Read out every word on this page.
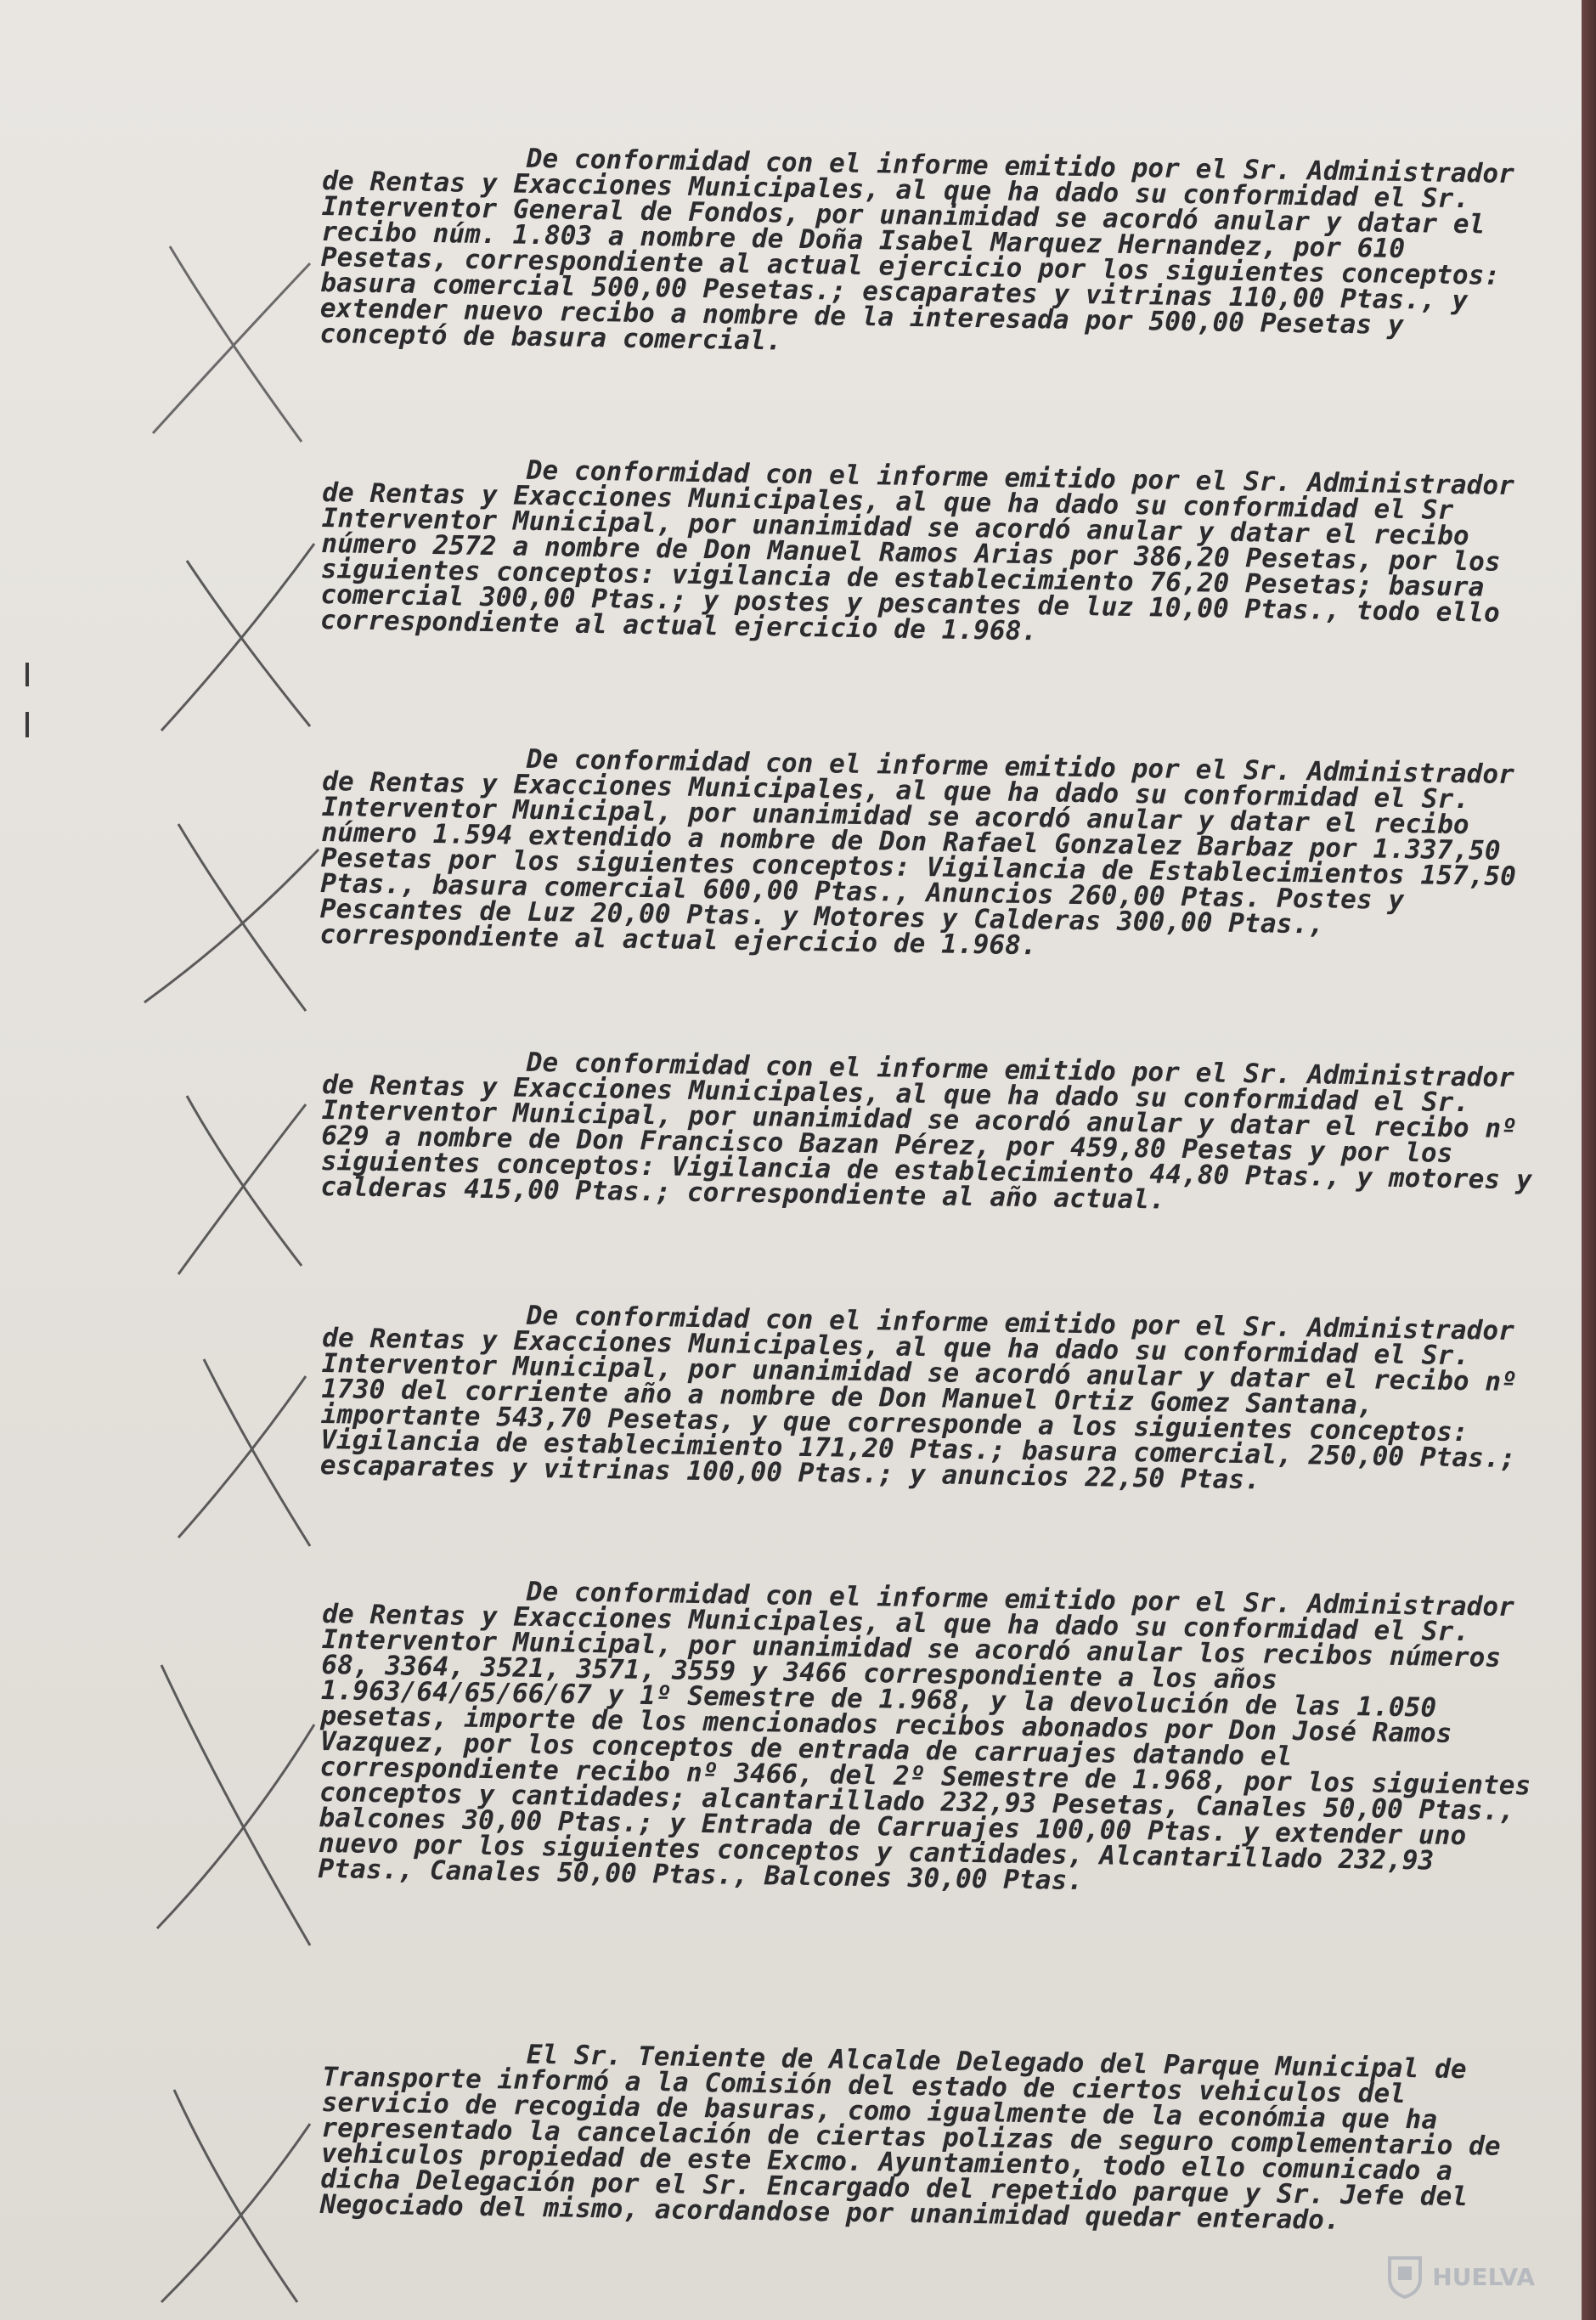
De conformidad con el informe emitido por el Sr. Administrador de Rentas y Exacciones Municipales, al que ha dado su conformidad el Sr. Interventor General de Fondos, por unanimidad se acordó anular y datar el recibo núm. 1.803 a nombre de Doña Isabel Marquez Hernandez, por 610 Pesetas, correspondiente al actual ejercicio por los siguientes conceptos: basura comercial 500,00 Pesetas.; escaparates y vitrinas 110,00 Ptas., y extender nuevo recibo a nombre de la interesada por 500,00 Pesetas y conceptó de basura comercial.

De conformidad con el informe emitido por el Sr. Administrador de Rentas y Exacciones Municipales, al que ha dado su conformidad el Sr Interventor Municipal, por unanimidad se acordó anular y datar el recibo número 2572 a nombre de Don Manuel Ramos Arias por 386,20 Pesetas, por los siguientes conceptos: vigilancia de establecimiento 76,20 Pesetas; basura comercial 300,00 Ptas.; y postes y pescantes de luz 10,00 Ptas., todo ello correspondiente al actual ejercicio de 1.968.

De conformidad con el informe emitido por el Sr. Administrador de Rentas y Exacciones Municipales, al que ha dado su conformidad el Sr. Interventor Municipal, por unanimidad se acordó anular y datar el recibo número 1.594 extendido a nombre de Don Rafael Gonzalez Barbaz por 1.337,50 Pesetas por los siguientes conceptos: Vigilancia de Establecimientos 157,50 Ptas., basura comercial 600,00 Ptas., Anuncios 260,00 Ptas. Postes y Pescantes de Luz 20,00 Ptas. y Motores y Calderas 300,00 Ptas., correspondiente al actual ejercicio de 1.968.

De conformidad con el informe emitido por el Sr. Administrador de Rentas y Exacciones Municipales, al que ha dado su conformidad el Sr. Interventor Municipal, por unanimidad se acordó anular y datar el recibo nº 629 a nombre de Don Francisco Bazan Pérez, por 459,80 Pesetas y por los siguientes conceptos: Vigilancia de establecimiento 44,80 Ptas., y motores y calderas 415,00 Ptas.; correspondiente al año actual.

De conformidad con el informe emitido por el Sr. Administrador de Rentas y Exacciones Municipales, al que ha dado su conformidad el Sr. Interventor Municipal, por unanimidad se acordó anular y datar el recibo nº 1730 del corriente año a nombre de Don Manuel Ortiz Gomez Santana, importante 543,70 Pesetas, y que corresponde a los siguientes conceptos: Vigilancia de establecimiento 171,20 Ptas.; basura comercial, 250,00 Ptas.; escaparates y vitrinas 100,00 Ptas.; y anuncios 22,50 Ptas.

De conformidad con el informe emitido por el Sr. Administrador de Rentas y Exacciones Municipales, al que ha dado su conformidad el Sr. Interventor Municipal, por unanimidad se acordó anular los recibos números 68, 3364, 3521, 3571, 3559 y 3466 correspondiente a los años 1.963/64/65/66/67 y 1º Semestre de 1.968, y la devolución de las 1.050 pesetas, importe de los mencionados recibos abonados por Don José Ramos Vazquez, por los conceptos de entrada de carruajes datando el correspondiente recibo nº 3466, del 2º Semestre de 1.968, por los siguientes conceptos y cantidades; alcantarillado 232,93 Pesetas, Canales 50,00 Ptas., balcones 30,00 Ptas.; y Entrada de Carruajes 100,00 Ptas. y extender uno nuevo por los siguientes conceptos y cantidades, Alcantarillado 232,93 Ptas., Canales 50,00 Ptas., Balcones 30,00 Ptas.

El Sr. Teniente de Alcalde Delegado del Parque Municipal de Transporte informó a la Comisión del estado de ciertos vehiculos del servicio de recogida de basuras, como igualmente de la económia que ha representado la cancelación de ciertas polizas de seguro complementario de vehiculos propiedad de este Excmo. Ayuntamiento, todo ello comunicado a dicha Delegación por el Sr. Encargado del repetido parque y Sr. Jefe del Negociado del mismo, acordandose por unanimidad quedar enterado.

HUELVA
